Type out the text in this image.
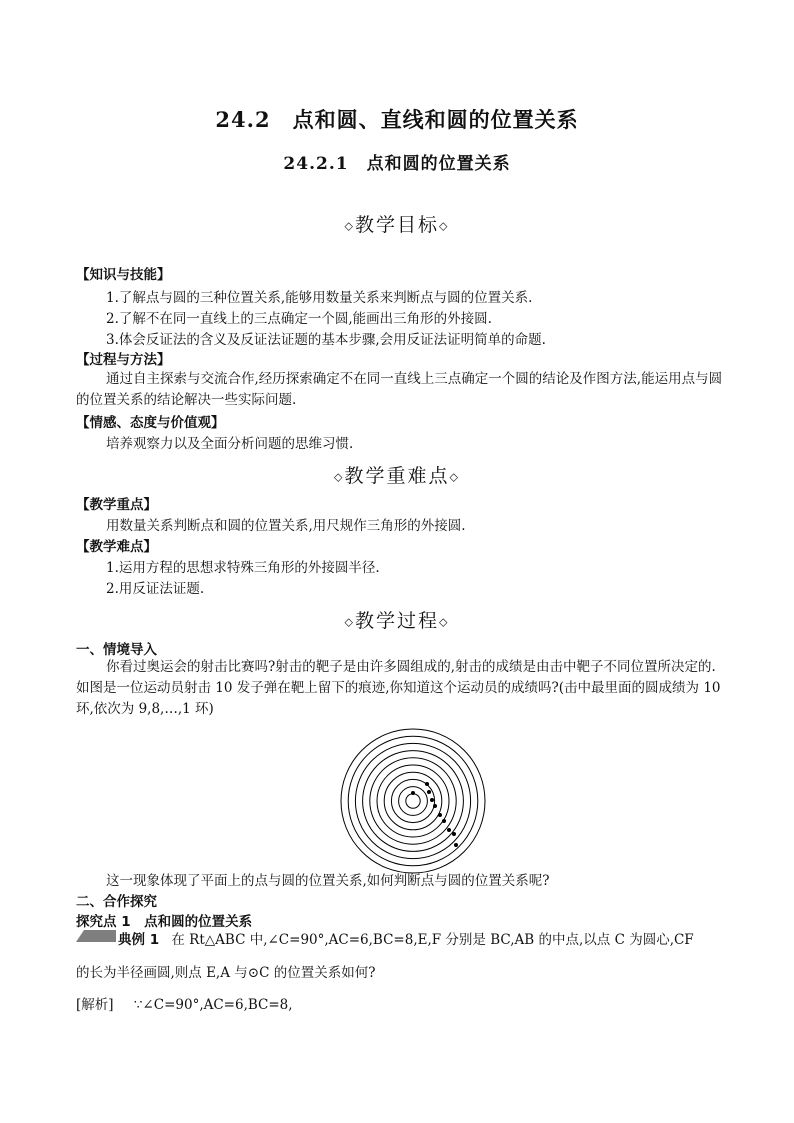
24.2　点和圆、直线和圆的位置关系
24.2.1　点和圆的位置关系
◇教学目标◇
【知识与技能】
1.了解点与圆的三种位置关系,能够用数量关系来判断点与圆的位置关系.
2.了解不在同一直线上的三点确定一个圆,能画出三角形的外接圆.
3.体会反证法的含义及反证法证题的基本步骤,会用反证法证明简单的命题.
【过程与方法】
通过自主探索与交流合作,经历探索确定不在同一直线上三点确定一个圆的结论及作图方法,能运用点与圆的位置关系的结论解决一些实际问题.
【情感、态度与价值观】
培养观察力以及全面分析问题的思维习惯.
◇教学重难点◇
【教学重点】
用数量关系判断点和圆的位置关系,用尺规作三角形的外接圆.
【教学难点】
1.运用方程的思想求特殊三角形的外接圆半径.
2.用反证法证题.
◇教学过程◇
一、情境导入
你看过奥运会的射击比赛吗?射击的靶子是由许多圆组成的,射击的成绩是由击中靶子不同位置所决定的.如图是一位运动员射击 10 发子弹在靶上留下的痕迹,你知道这个运动员的成绩吗?(击中最里面的圆成绩为 10 环,依次为 9,8,…,1 环)
这一现象体现了平面上的点与圆的位置关系,如何判断点与圆的位置关系呢?
二、合作探究
探究点 1　点和圆的位置关系
典例 1 在 Rt△ABC 中,∠C=90°,AC=6,BC=8,E,F 分别是 BC,AB 的中点,以点 C 为圆心,CF
的长为半径画圆,则点 E,A 与⊙C 的位置关系如何?
[解析] ∵∠C=90°,AC=6,BC=8,
